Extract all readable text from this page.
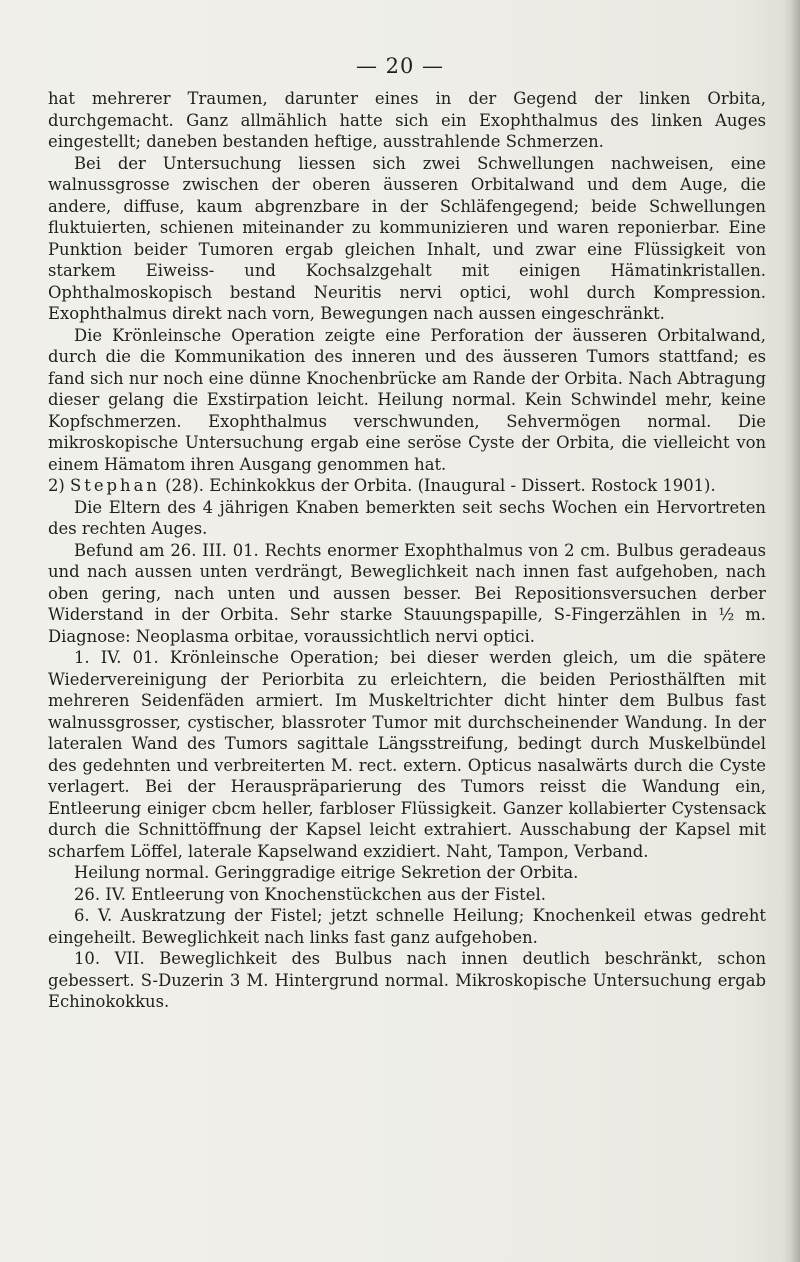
— 20 —

hat mehrerer Traumen, darunter eines in der Gegend der linken Orbita, durchgemacht. Ganz allmählich hatte sich ein Exophthalmus des linken Auges eingestellt; daneben bestanden heftige, ausstrahlende Schmerzen.

Bei der Untersuchung liessen sich zwei Schwellungen nachweisen, eine walnussgrosse zwischen der oberen äusseren Orbitalwand und dem Auge, die andere, diffuse, kaum abgrenzbare in der Schläfengegend; beide Schwellungen fluktuierten, schienen miteinander zu kommunizieren und waren reponierbar. Eine Punktion beider Tumoren ergab gleichen Inhalt, und zwar eine Flüssigkeit von starkem Eiweiss- und Kochsalzgehalt mit einigen Hämatinkristallen. Ophthalmoskopisch bestand Neuritis nervi optici, wohl durch Kompression. Exophthalmus direkt nach vorn, Bewegungen nach aussen eingeschränkt.

Die Krönleinsche Operation zeigte eine Perforation der äusseren Orbitalwand, durch die die Kommunikation des inneren und des äusseren Tumors stattfand; es fand sich nur noch eine dünne Knochenbrücke am Rande der Orbita. Nach Abtragung dieser gelang die Exstirpation leicht. Heilung normal. Kein Schwindel mehr, keine Kopfschmerzen. Exophthalmus verschwunden, Sehvermögen normal. Die mikroskopische Untersuchung ergab eine seröse Cyste der Orbita, die vielleicht von einem Hämatom ihren Ausgang genommen hat.

2) Stephan (28). Echinkokkus der Orbita. (Inaugural - Dissert. Rostock 1901).

Die Eltern des 4 jährigen Knaben bemerkten seit sechs Wochen ein Hervortreten des rechten Auges.

Befund am 26. III. 01. Rechts enormer Exophthalmus von 2 cm. Bulbus geradeaus und nach aussen unten verdrängt, Beweglichkeit nach innen fast aufgehoben, nach oben gering, nach unten und aussen besser. Bei Repositionsversuchen derber Widerstand in der Orbita. Sehr starke Stauungspapille, S-Fingerzählen in ½ m. Diagnose: Neoplasma orbitae, voraussichtlich nervi optici.

1. IV. 01. Krönleinsche Operation; bei dieser werden gleich, um die spätere Wiedervereinigung der Periorbita zu erleichtern, die beiden Periosthälften mit mehreren Seidenfäden armiert. Im Muskeltrichter dicht hinter dem Bulbus fast walnussgrosser, cystischer, blassroter Tumor mit durchscheinender Wandung. In der lateralen Wand des Tumors sagittale Längsstreifung, bedingt durch Muskelbündel des gedehnten und verbreiterten M. rect. extern. Opticus nasalwärts durch die Cyste verlagert. Bei der Herauspräparierung des Tumors reisst die Wandung ein, Entleerung einiger cbcm heller, farbloser Flüssigkeit. Ganzer kollabierter Cystensack durch die Schnittöffnung der Kapsel leicht extrahiert. Ausschabung der Kapsel mit scharfem Löffel, laterale Kapselwand exzidiert. Naht, Tampon, Verband.

Heilung normal. Geringgradige eitrige Sekretion der Orbita.

26. IV. Entleerung von Knochenstückchen aus der Fistel.

6. V. Auskratzung der Fistel; jetzt schnelle Heilung; Knochenkeil etwas gedreht eingeheilt. Beweglichkeit nach links fast ganz aufgehoben.

10. VII. Beweglichkeit des Bulbus nach innen deutlich beschränkt, schon gebessert. S-Duzerin 3 M. Hintergrund normal. Mikroskopische Untersuchung ergab Echinokokkus.
